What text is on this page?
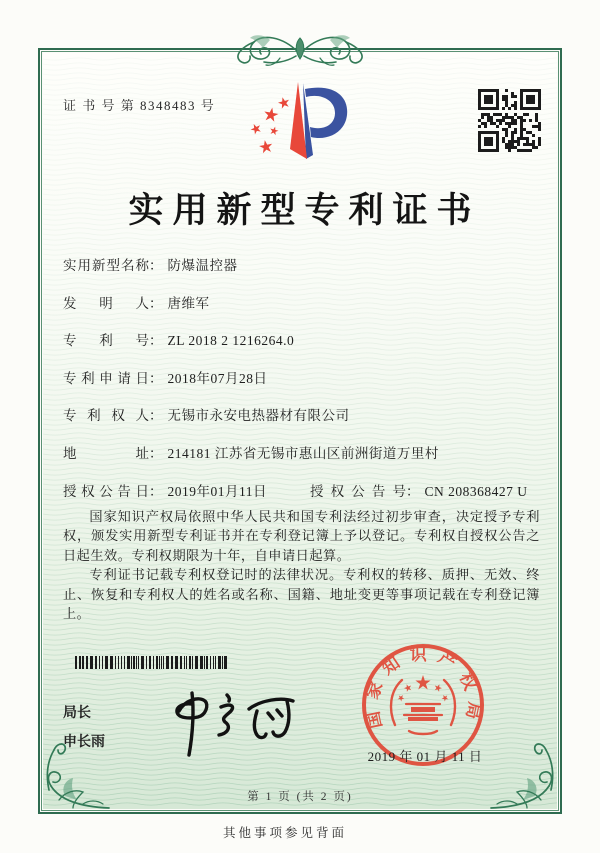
证 书 号 第 8348483 号
实用新型专利证书
实用新型名称： 防爆温控器
发明人： 唐维军
专利号： ZL 2018 2 1216264.0
专利申请日： 2018年07月28日
专利权人： 无锡市永安电热器材有限公司
地址： 214181 江苏省无锡市惠山区前洲街道万里村
授权公告日： 2019年01月11日	授权公告号： CN 208368427 U

国家知识产权局依照中华人民共和国专利法经过初步审查，决定授予专利权，颁发实用新型专利证书并在专利登记簿上予以登记。专利权自授权公告之日起生效。专利权期限为十年，自申请日起算。

专利证书记载专利权登记时的法律状况。专利权的转移、质押、无效、终止、恢复和专利权人的姓名或名称、国籍、地址变更等事项记载在专利登记簿上。

局长
申长雨
国家知识产权局
2019 年 01 月 11 日
第 1 页 (共 2 页)
其他事项参见背面
